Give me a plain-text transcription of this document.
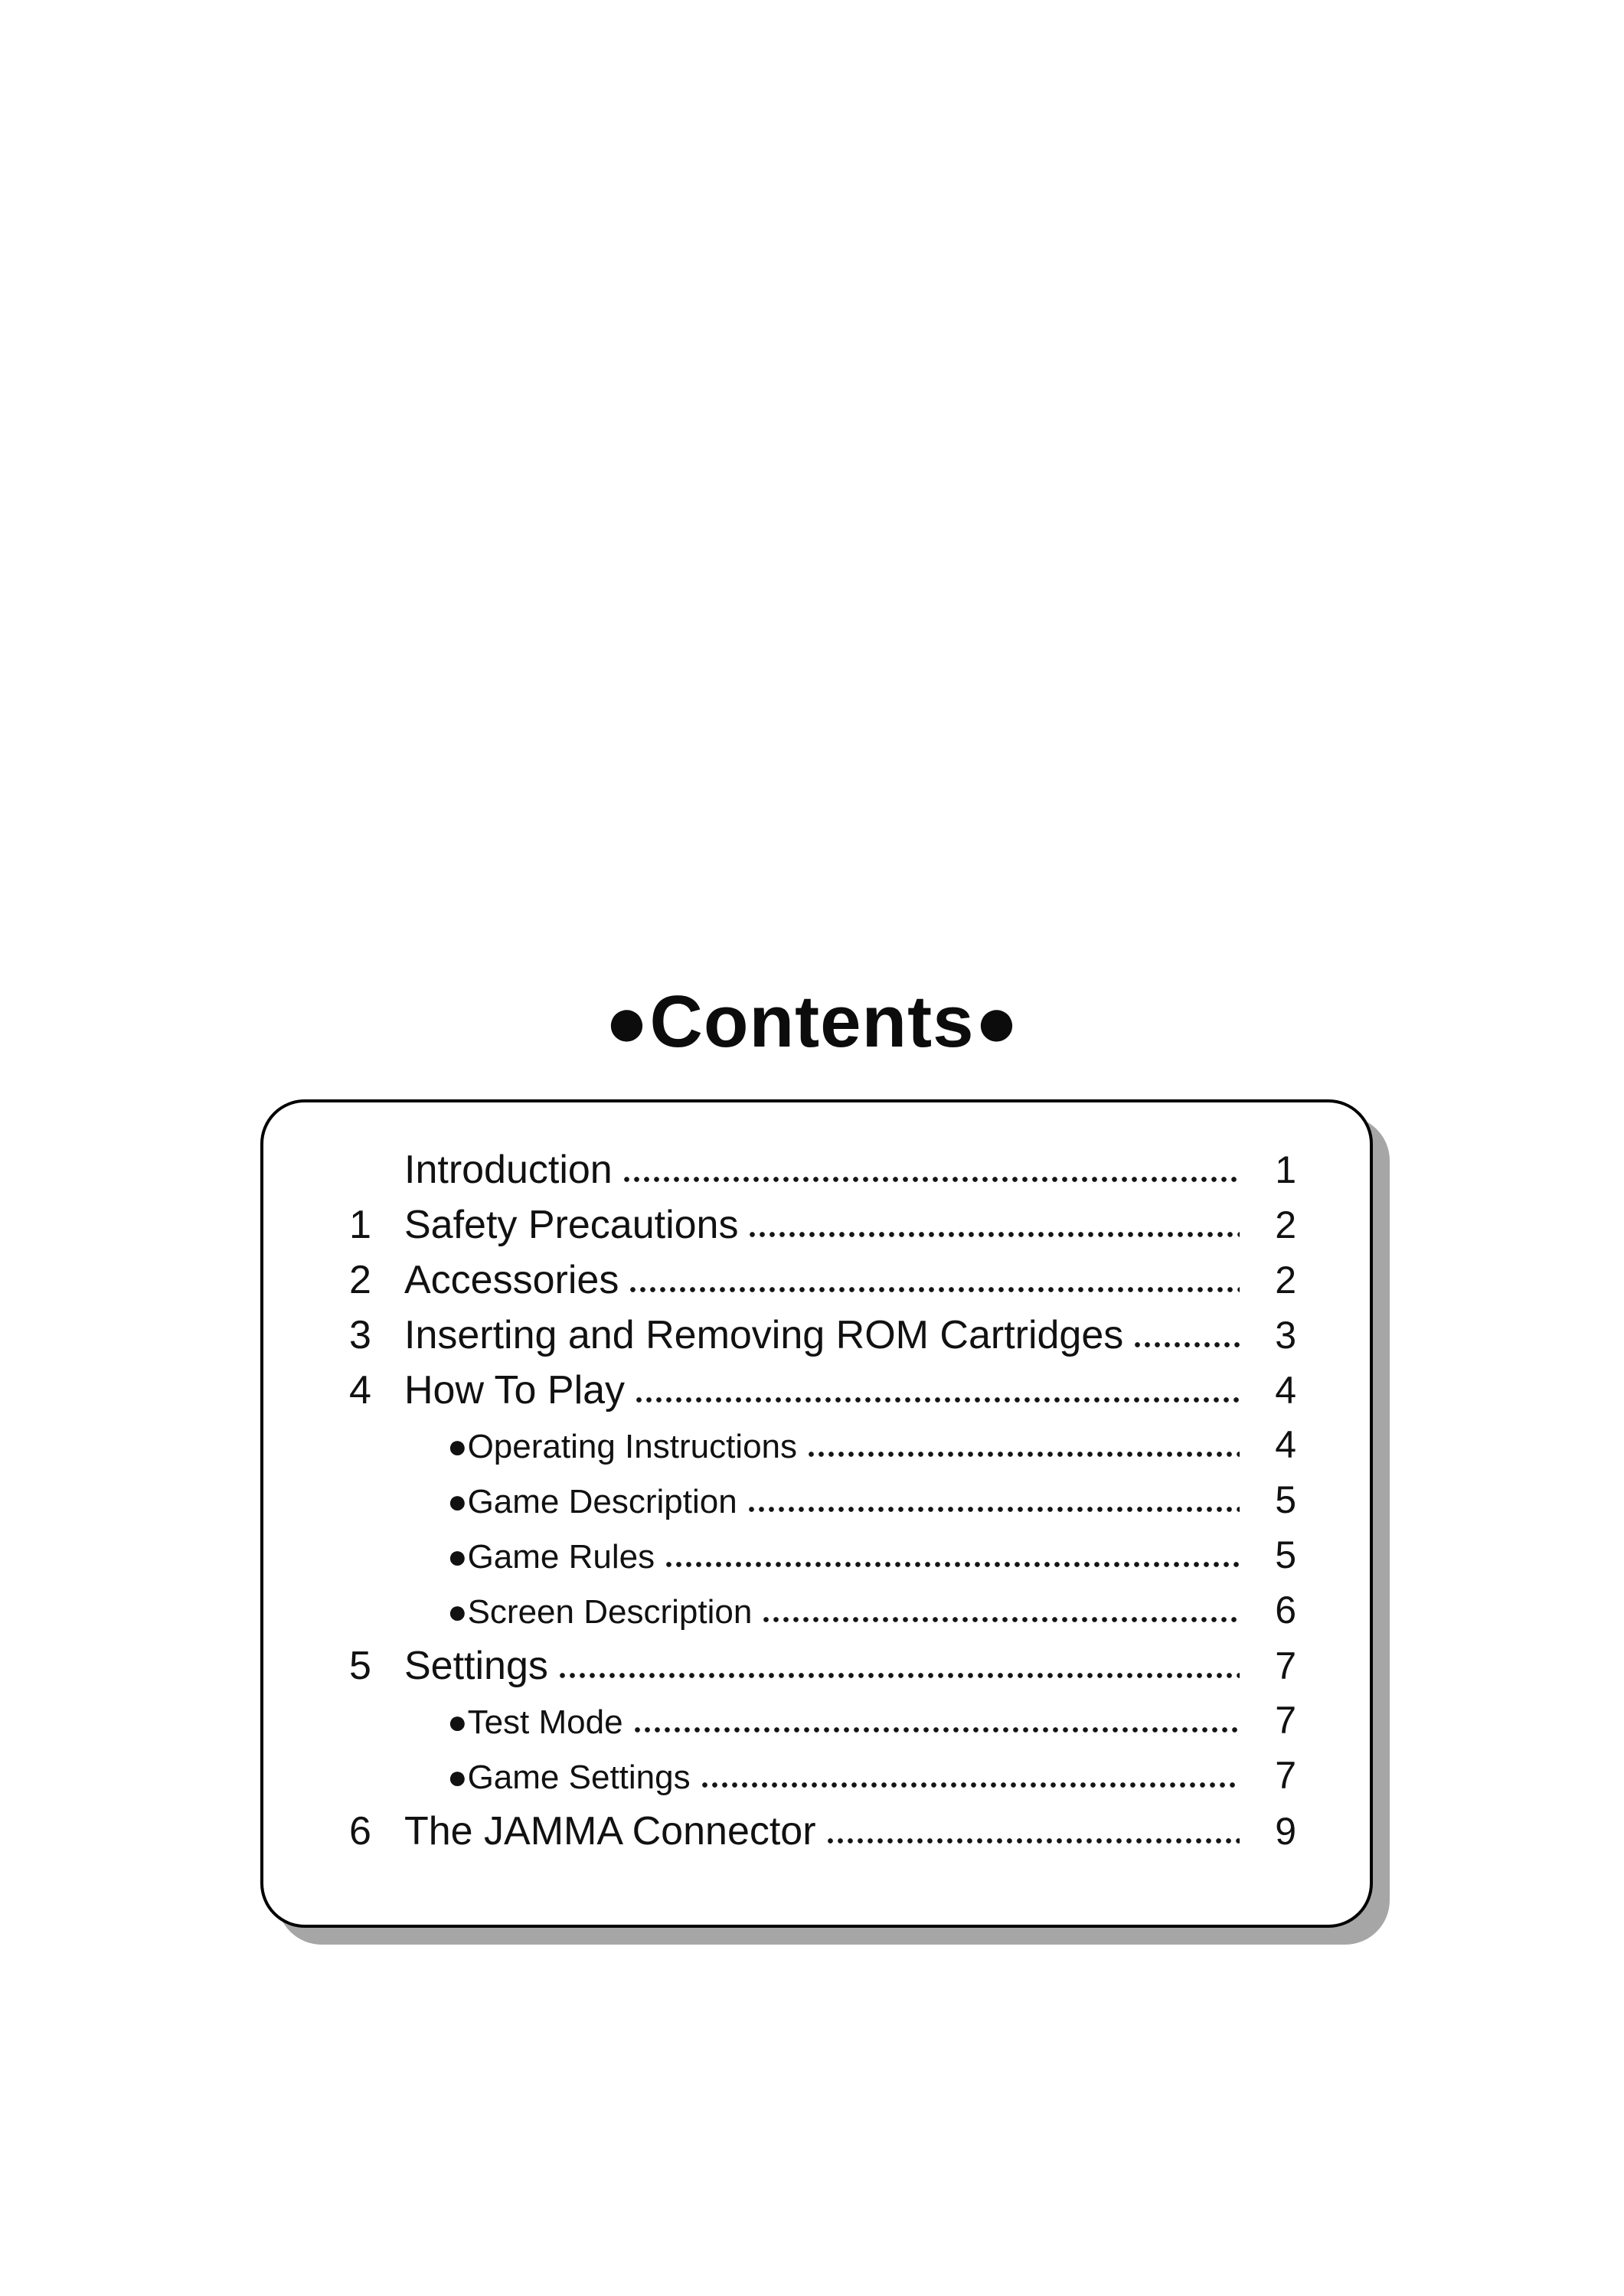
●Contents●
Introduction	1
1 Safety Precautions	2
2 Accessories	2
3 Inserting and Removing ROM Cartridges	3
4 How To Play	4
●Operating Instructions	4
●Game Description	5
●Game Rules	5
●Screen Description	6
5 Settings	7
●Test Mode	7
●Game Settings	7
6 The JAMMA Connector	9
